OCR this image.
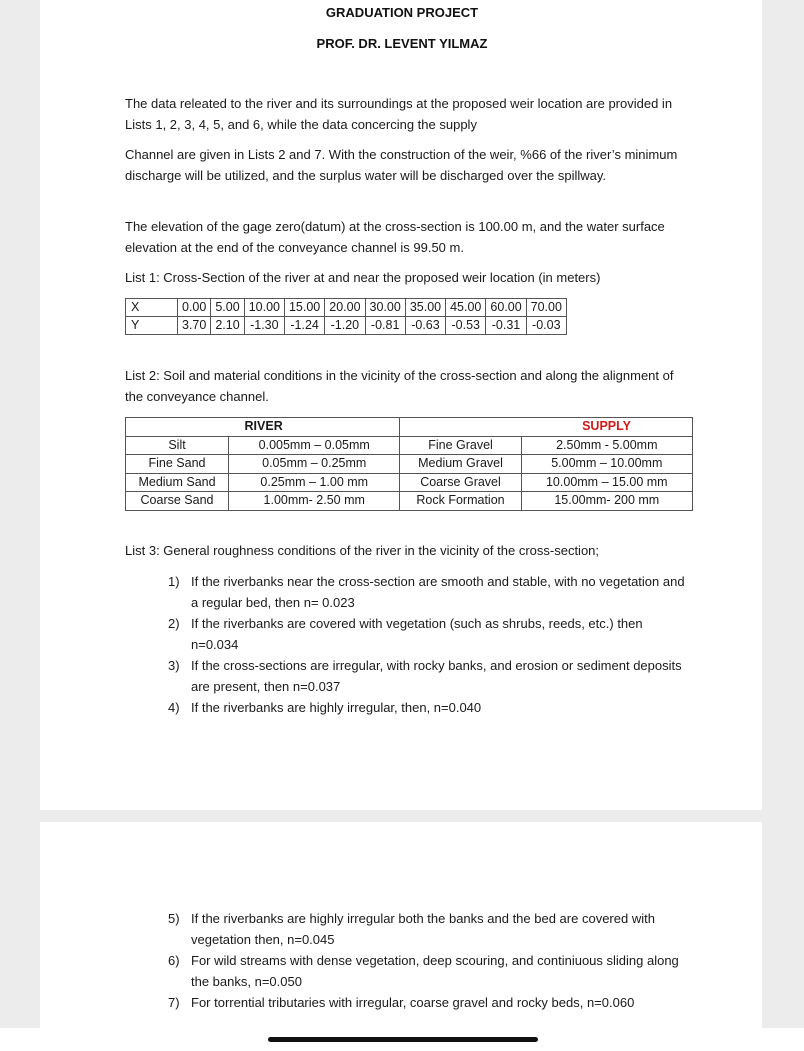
GRADUATION PROJECT
PROF. DR. LEVENT YILMAZ

The data releated to the river and its surroundings at the proposed weir location are provided in Lists 1, 2, 3, 4, 5, and 6, while the data concercing the supply

Channel are given in Lists 2 and 7. With the construction of the weir, %66 of the river’s minimum discharge will be utilized, and the surplus water will be discharged over the spillway.

The elevation of the gage zero(datum) at the cross-section is 100.00 m, and the water surface elevation at the end of the conveyance channel is 99.50 m.

List 1: Cross-Section of the river at and near the proposed weir location (in meters)

X	0.00	5.00	10.00	15.00	20.00	30.00	35.00	45.00	60.00	70.00
Y	3.70	2.10	-1.30	-1.24	-1.20	-0.81	-0.63	-0.53	-0.31	-0.03

List 2: Soil and material conditions in the vicinity of the cross-section and along the alignment of the conveyance channel.

	RIVER		SUPPLY
Silt	0.005mm – 0.05mm	Fine Gravel	2.50mm - 5.00mm
Fine Sand	0.05mm – 0.25mm	Medium Gravel	5.00mm – 10.00mm
Medium Sand	0.25mm – 1.00 mm	Coarse Gravel	10.00mm – 15.00 mm
Coarse Sand	1.00mm- 2.50 mm	Rock Formation	15.00mm- 200 mm

List 3: General roughness conditions of the river in the vicinity of the cross-section;

1) If the riverbanks near the cross-section are smooth and stable, with no vegetation and a regular bed, then n= 0.023
2) If the riverbanks are covered with vegetation (such as shrubs, reeds, etc.) then n=0.034
3) If the cross-sections are irregular, with rocky banks, and erosion or sediment deposits are present, then n=0.037
4) If the riverbanks are highly irregular, then, n=0.040
5) If the riverbanks are highly irregular both the banks and the bed are covered with vegetation then, n=0.045
6) For wild streams with dense vegetation, deep scouring, and continiuous sliding along the banks, n=0.050
7) For torrential tributaries with irregular, coarse gravel and rocky beds, n=0.060
